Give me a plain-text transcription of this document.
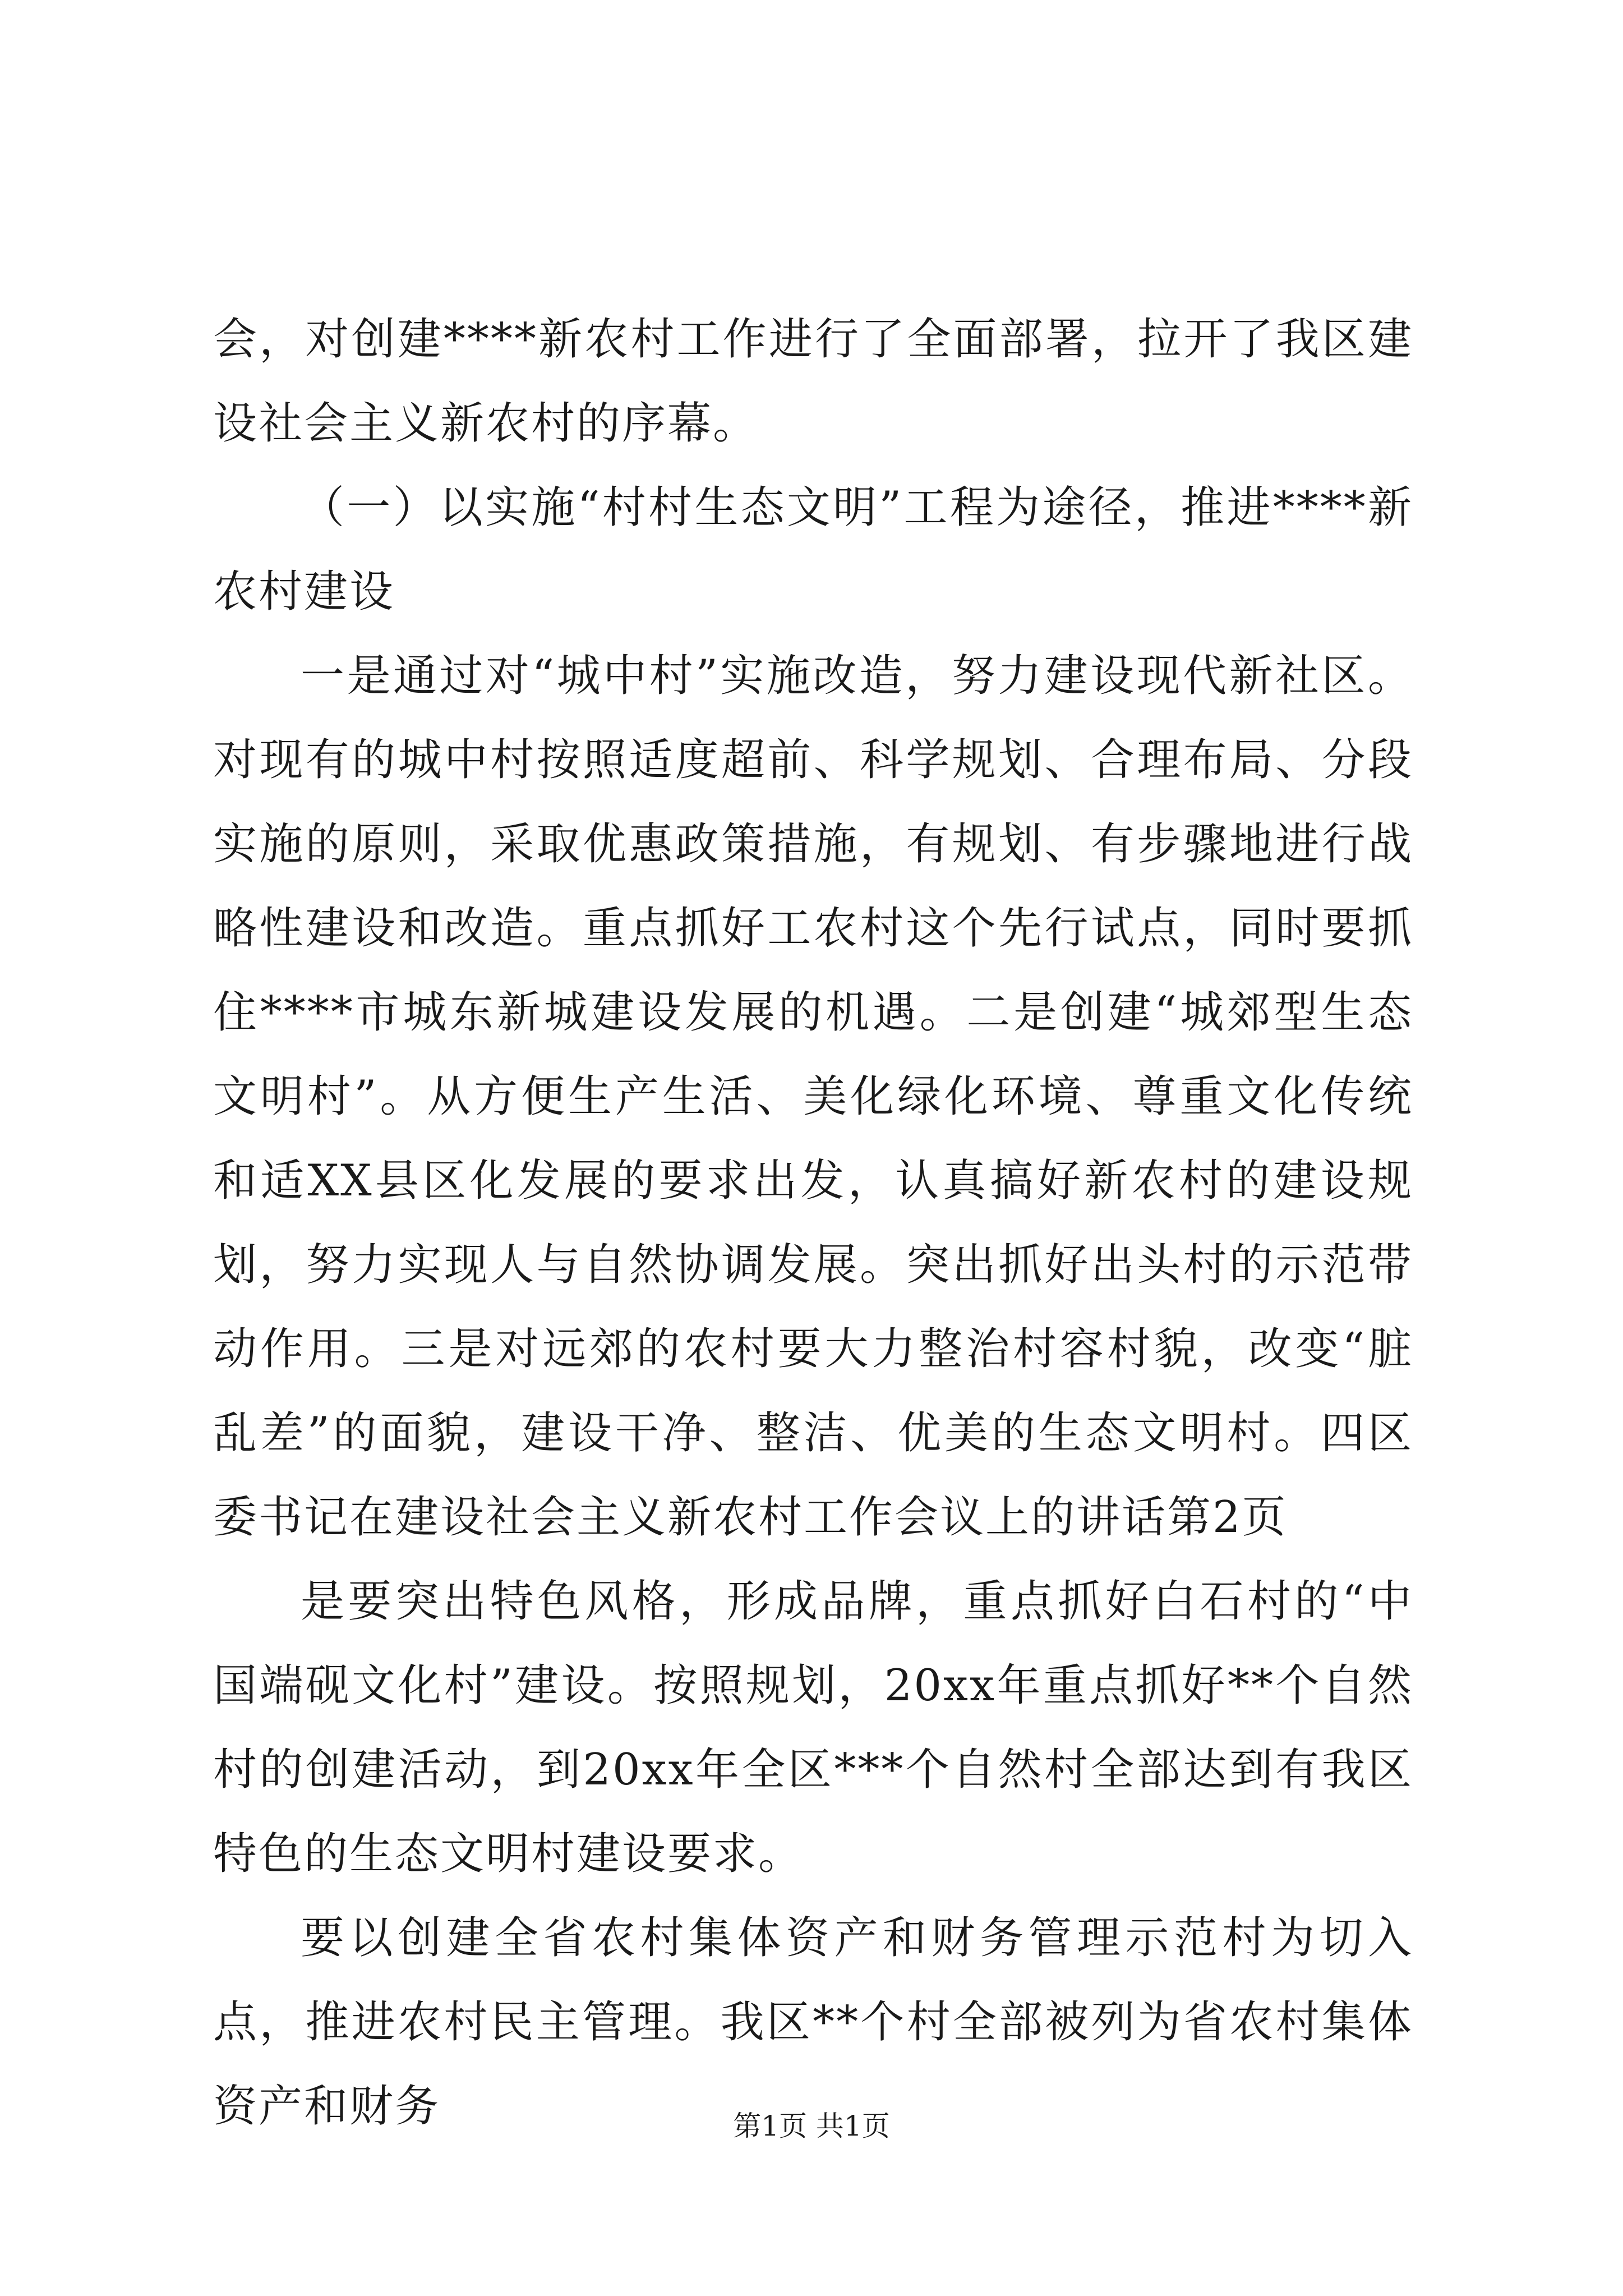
会，对创建****新农村工作进行了全面部署，拉开了我区建设社会主义新农村的序幕。

（一）以实施“村村生态文明”工程为途径，推进****新农村建设

一是通过对“城中村”实施改造，努力建设现代新社区。对现有的城中村按照适度超前、科学规划、合理布局、分段实施的原则，采取优惠政策措施，有规划、有步骤地进行战略性建设和改造。重点抓好工农村这个先行试点，同时要抓住****市城东新城建设发展的机遇。二是创建“城郊型生态文明村”。从方便生产生活、美化绿化环境、尊重文化传统和适XX县区化发展的要求出发，认真搞好新农村的建设规划，努力实现人与自然协调发展。突出抓好出头村的示范带动作用。三是对远郊的农村要大力整治村容村貌，改变“脏乱差”的面貌，建设干净、整洁、优美的生态文明村。四区委书记在建设社会主义新农村工作会议上的讲话第2页

是要突出特色风格，形成品牌，重点抓好白石村的“中国端砚文化村”建设。按照规划，20xx年重点抓好**个自然村的创建活动，到20xx年全区***个自然村全部达到有我区特色的生态文明村建设要求。

要以创建全省农村集体资产和财务管理示范村为切入点，推进农村民主管理。我区**个村全部被列为省农村集体资产和财务	第1页 共1页
